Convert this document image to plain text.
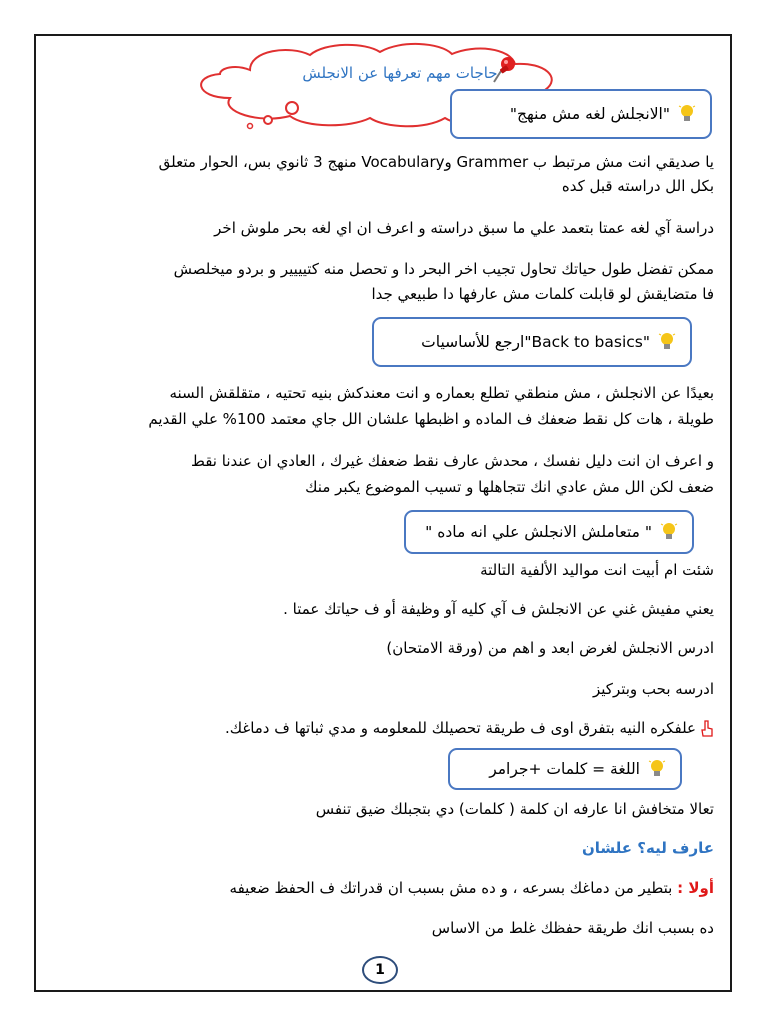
حاجات مهم تعرفها عن الانجلش
"الانجلش لغه مش منهج"

يا صديقي انت مش مرتبط ب Grammer وVocabulary منهج 3 ثانوي بس، الحوار متعلق

بكل الل دراسته قبل كده

دراسة آي لغه عمتا بتعمد علي ما سبق دراسته و اعرف ان اي لغه بحر ملوش اخر

ممكن تفضل طول حياتك تحاول تجيب اخر البحر دا و تحصل منه كتيييير و بردو ميخلصش

فا متضايقش لو قابلت كلمات مش عارفها دا طبيعي جدا

"Back to basics"ارجع للأساسيات

بعيدًا عن الانجلش ، مش منطقي تطلع بعماره و انت معندكش بنيه تحتيه ، متقلقش السنه

طويلة ، هات كل نقط ضعفك ف الماده و اظبطها علشان الل جاي معتمد 100% علي القديم

و اعرف ان انت دليل نفسك ، محدش عارف نقط ضعفك غيرك ، العادي ان عندنا نقط

ضعف لكن الل مش عادي انك تتجاهلها و تسيب الموضوع يكبر منك

" متعاملش الانجلش علي انه ماده "

شئت ام أبيت انت مواليد الألفية التالتة

يعني مفيش غني عن الانجلش ف آي كليه آو وظيفة أو ف حياتك عمتا .

ادرس الانجلش لغرض ابعد و اهم من (ورقة الامتحان)

ادرسه بحب وبتركيز

علفكره النيه بتفرق اوى ف طريقة تحصيلك للمعلومه و مدي ثباتها ف دماغك.
اللغة = كلمات +جرامر

تعالا متخافش انا عارفه ان كلمة ( كلمات) دي بتجبلك ضيق تنفس

عارف ليه؟ علشان

أولا : بتطير من دماغك بسرعه ، و ده مش بسبب ان قدراتك ف الحفظ ضعيفه

ده بسبب انك طريقة حفظك غلط من الاساس

1
